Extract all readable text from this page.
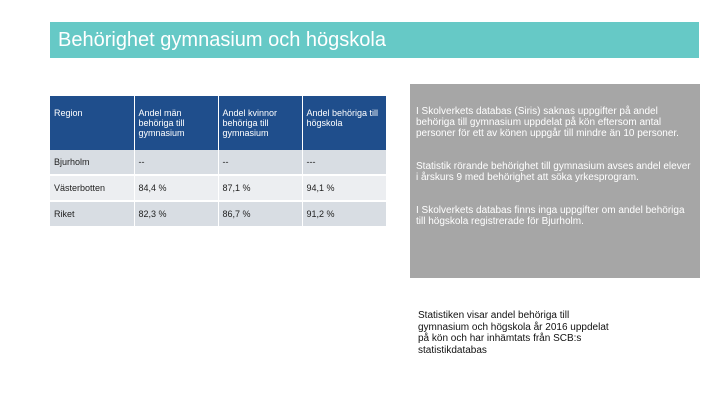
Behörighet gymnasium och högskola
Region	Andel män behöriga till gymnasium	Andel kvinnor behöriga till gymnasium	Andel behöriga till högskola
Bjurholm	--	--	---
Västerbotten	84,4 %	87,1 %	94,1 %
Riket	82,3 %	86,7 %	91,2 %

I Skolverkets databas (Siris) saknas uppgifter på andel behöriga till gymnasium uppdelat på kön eftersom antal personer för ett av könen uppgår till mindre än 10 personer.

Statistik rörande behörighet till gymnasium avses andel elever i årskurs 9 med behörighet att söka yrkesprogram.

I Skolverkets databas finns inga uppgifter om andel behöriga till högskola registrerade för Bjurholm.

Statistiken visar andel behöriga till gymnasium och högskola år 2016 uppdelat på kön och har inhämtats från SCB:s statistikdatabas
